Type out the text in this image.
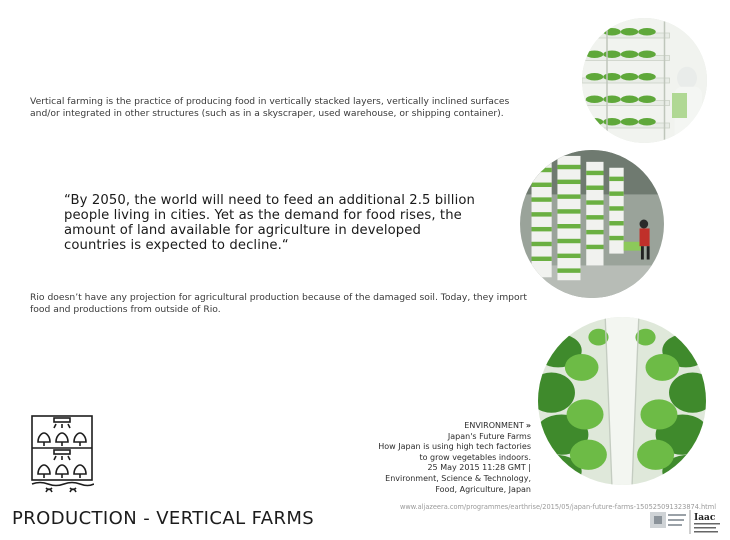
Vertical farming is the practice of producing food in vertically stacked layers, vertically inclined surfaces and/or integrated in other structures (such as in a skyscraper, used warehouse, or shipping container).
“By 2050, the world will need to feed an additional 2.5 billion people living in cities. Yet as the demand for food rises, the amount of land available for agriculture in developed countries is expected to decline.“
Rio doesn’t have any projection for agricultural production because of the damaged soil. Today, they import food and productions from outside of Rio.
ENVIRONMENT »
Japan's Future Farms
How Japan is using high tech factories
to grow vegetables indoors.
25 May 2015 11:28 GMT |
Environment, Science & Technology,
Food, Agriculture, Japan
www.aljazeera.com/programmes/earthrise/2015/05/japan-future-farms-150525091323874.html
PRODUCTION - VERTICAL FARMS	Iaac
